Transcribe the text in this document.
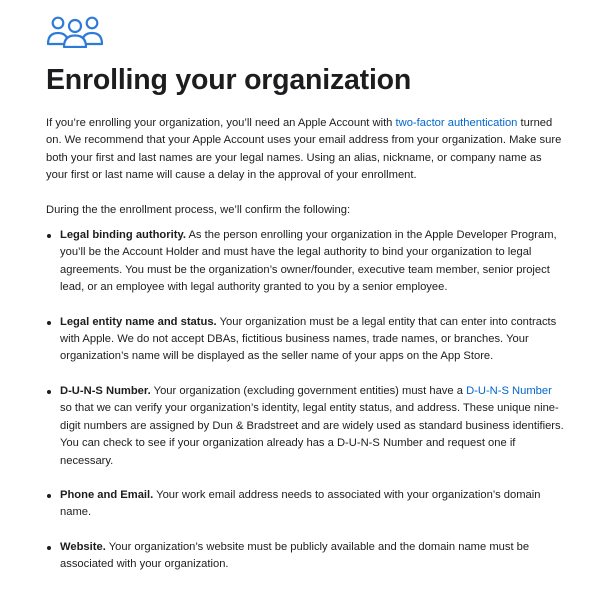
Enrolling your organization

If you’re enrolling your organization, you’ll need an Apple Account with two-factor authentication turned on. We recommend that your Apple Account uses your email address from your organization. Make sure both your first and last names are your legal names. Using an alias, nickname, or company name as your first or last name will cause a delay in the approval of your enrollment.

During the the enrollment process, we’ll confirm the following:

Legal binding authority. As the person enrolling your organization in the Apple Developer Program, you’ll be the Account Holder and must have the legal authority to bind your organization to legal agreements. You must be the organization’s owner/founder, executive team member, senior project lead, or an employee with legal authority granted to you by a senior employee.
Legal entity name and status. Your organization must be a legal entity that can enter into contracts with Apple. We do not accept DBAs, fictitious business names, trade names, or branches. Your organization’s name will be displayed as the seller name of your apps on the App Store.
D-U-N-S Number. Your organization (excluding government entities) must have a D-U-N-S Number so that we can verify your organization’s identity, legal entity status, and address. These unique nine-digit numbers are assigned by Dun & Bradstreet and are widely used as standard business identifiers. You can check to see if your organization already has a D-U-N-S Number and request one if necessary.
Phone and Email. Your work email address needs to associated with your organization’s domain name.
Website. Your organization’s website must be publicly available and the domain name must be associated with your organization.
